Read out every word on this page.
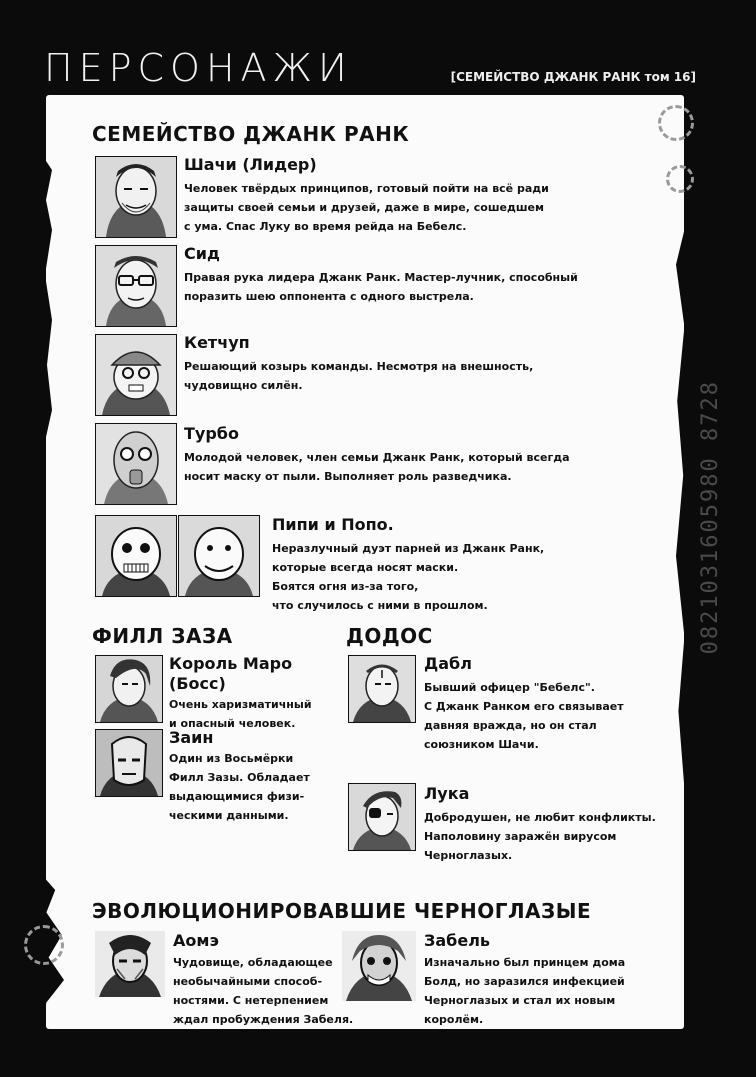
ПЕРСОНАЖИ	[СЕМЕЙСТВО ДЖАНК РАНК том 16]
0821031605980 8728
СЕМЕЙСТВО ДЖАНК РАНК
Шачи (Лидер)
Человек твёрдых принципов, готовый пойти на всё ради
защиты своей семьи и друзей, даже в мире, сошедшем
с ума. Спас Луку во время рейда на Бебелс.
Сид
Правая рука лидера Джанк Ранк. Мастер-лучник, способный
поразить шею оппонента с одного выстрела.
Кетчуп
Решающий козырь команды. Несмотря на внешность,
чудовищно силён.
Турбо
Молодой человек, член семьи Джанк Ранк, который всегда
носит маску от пыли. Выполняет роль разведчика.
Пипи и Попо.
Неразлучный дуэт парней из Джанк Ранк,
которые всегда носят маски.
Боятся огня из-за того,
что случилось с ними в прошлом.
ФИЛЛ ЗАЗА
Король Маро
(Босс)
Очень харизматичный
и опасный человек.
Заин
Один из Восьмёрки
Филл Зазы. Обладает
выдающимися физи-
ческими данными.
ДОДОС
Дабл
Бывший офицер "Бебелс".
С Джанк Ранком его связывает
давняя вражда, но он стал
союзником Шачи.
Лука
Добродушен, не любит конфликты.
Наполовину заражён вирусом
Черноглазых.
ЭВОЛЮЦИОНИРОВАВШИЕ ЧЕРНОГЛАЗЫЕ
Аомэ
Чудовище, обладающее
необычайными способ-
ностями. С нетерпением
ждал пробуждения Забеля.
Забель
Изначально был принцем дома
Болд, но заразился инфекцией
Черноглазых и стал их новым
королём.
